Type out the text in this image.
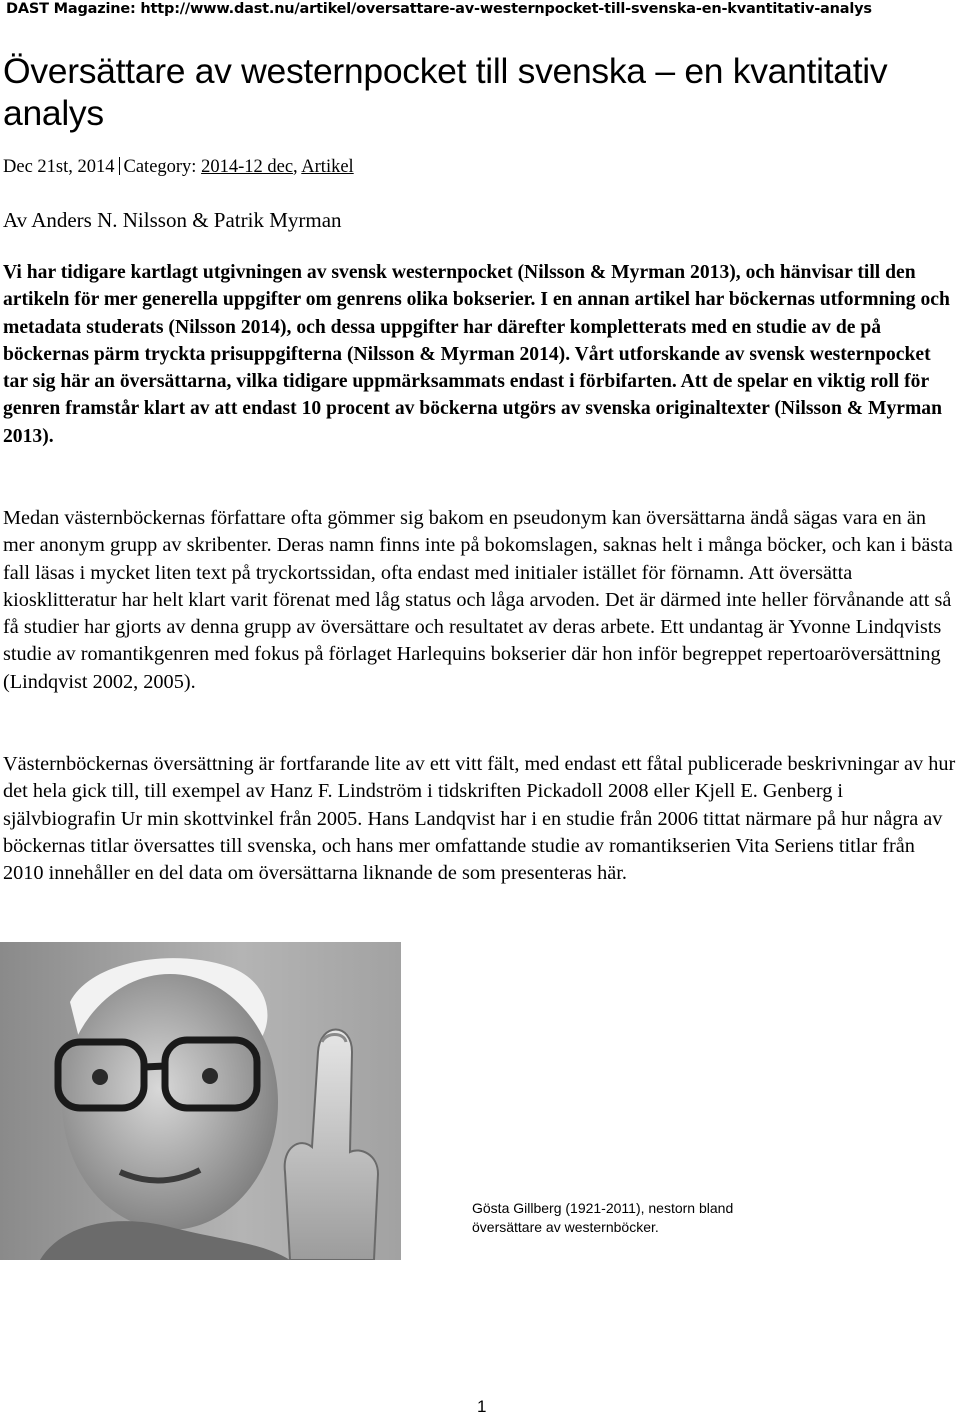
DAST Magazine: http://www.dast.nu/artikel/oversattare-av-westernpocket-till-svenska-en-kvantitativ-analys
Översättare av westernpocket till svenska – en kvantitativ analys
Dec 21st, 2014 Category: 2014-12 dec, Artikel
Av Anders N. Nilsson & Patrik Myrman

Vi har tidigare kartlagt utgivningen av svensk westernpocket (Nilsson & Myrman 2013), och hänvisar till den artikeln för mer generella uppgifter om genrens olika bokserier. I en annan artikel har böckernas utformning och metadata studerats (Nilsson 2014), och dessa uppgifter har därefter kompletterats med en studie av de på böckernas pärm tryckta prisuppgifterna (Nilsson & Myrman 2014). Vårt utforskande av svensk westernpocket tar sig här an översättarna, vilka tidigare uppmärksammats endast i förbifarten. Att de spelar en viktig roll för genren framstår klart av att endast 10 procent av böckerna utgörs av svenska originaltexter (Nilsson & Myrman 2013).

Medan västernböckernas författare ofta gömmer sig bakom en pseudonym kan översättarna ändå sägas vara en än mer anonym grupp av skribenter. Deras namn finns inte på bokomslagen, saknas helt i många böcker, och kan i bästa fall läsas i mycket liten text på tryckortssidan, ofta endast med initialer istället för förnamn. Att översätta kiosklitteratur har helt klart varit förenat med låg status och låga arvoden. Det är därmed inte heller förvånande att så få studier har gjorts av denna grupp av översättare och resultatet av deras arbete. Ett undantag är Yvonne Lindqvists studie av romantikgenren med fokus på förlaget Harlequins bokserier där hon inför begreppet repertoaröversättning (Lindqvist 2002, 2005).

Västernböckernas översättning är fortfarande lite av ett vitt fält, med endast ett fåtal publicerade beskrivningar av hur det hela gick till, till exempel av Hanz F. Lindström i tidskriften Pickadoll 2008 eller Kjell E. Genberg i självbiografin Ur min skottvinkel från 2005. Hans Landqvist har i en studie från 2006 tittat närmare på hur några av böckernas titlar översattes till svenska, och hans mer omfattande studie av romantikserien Vita Seriens titlar från 2010 innehåller en del data om översättarna liknande de som presenteras här.

Gösta Gillberg (1921-2011), nestorn bland översättare av westernböcker.
1
